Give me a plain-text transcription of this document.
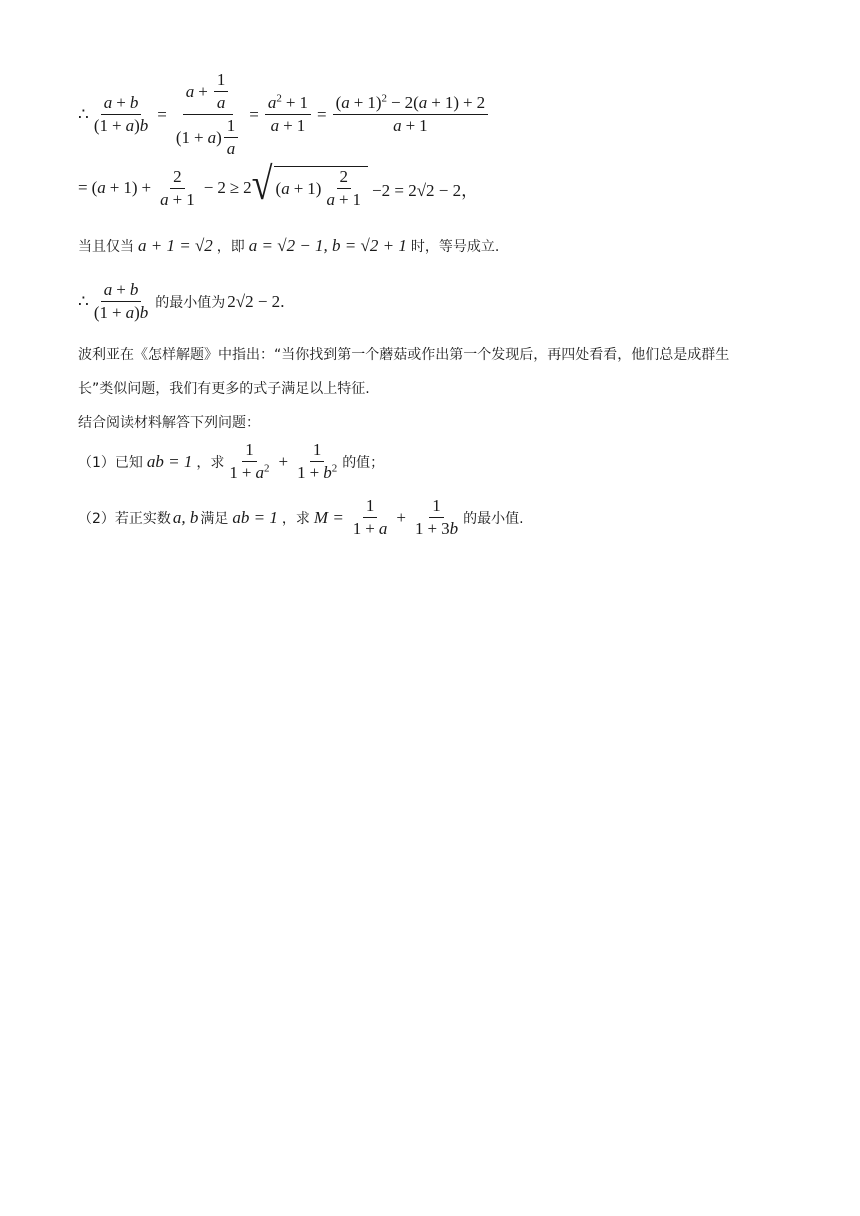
∴ $\frac{a + b}{(1 + a)b} = \frac{a + \frac{1}{a}}{(1 + a ) \frac{1}{a}} = \frac{a^2 + 1}{a + 1} = \frac{(a + 1)^2 - 2(a + 1) + 2}{a + 1}$
= $(a + 1) + \frac{2}{a + 1} - 2 \ge 2$ √ ( $a + 1) \frac{2}{a + 1} -2 = 2√2 - 2$，
当且仅当 a + 1 = √2 ，即 a = √2 − 1, b = √2 + 1 时，等号成立.
∴ $\frac{a + b}{(1 + a)b}$ 的最小值为 2√2 − 2 .
波利亚在《怎样解题》中指出：“当你找到第一个蘑菇或作出第一个发现后，再四处看看，他们总是成群生
长”类似问题，我们有更多的式子满足以上特征.
结合阅读材料解答下列问题：
（1）已知 ab = 1 ，求 $\frac{1}{1 + a^2} + \frac{1}{1 + b^2}$ 的值；
（2）若正实数 a, b 满足 ab = 1 ，求 $M = \frac{1}{1 + a} + \frac{1}{1 + 3b}$ 的最小值.
